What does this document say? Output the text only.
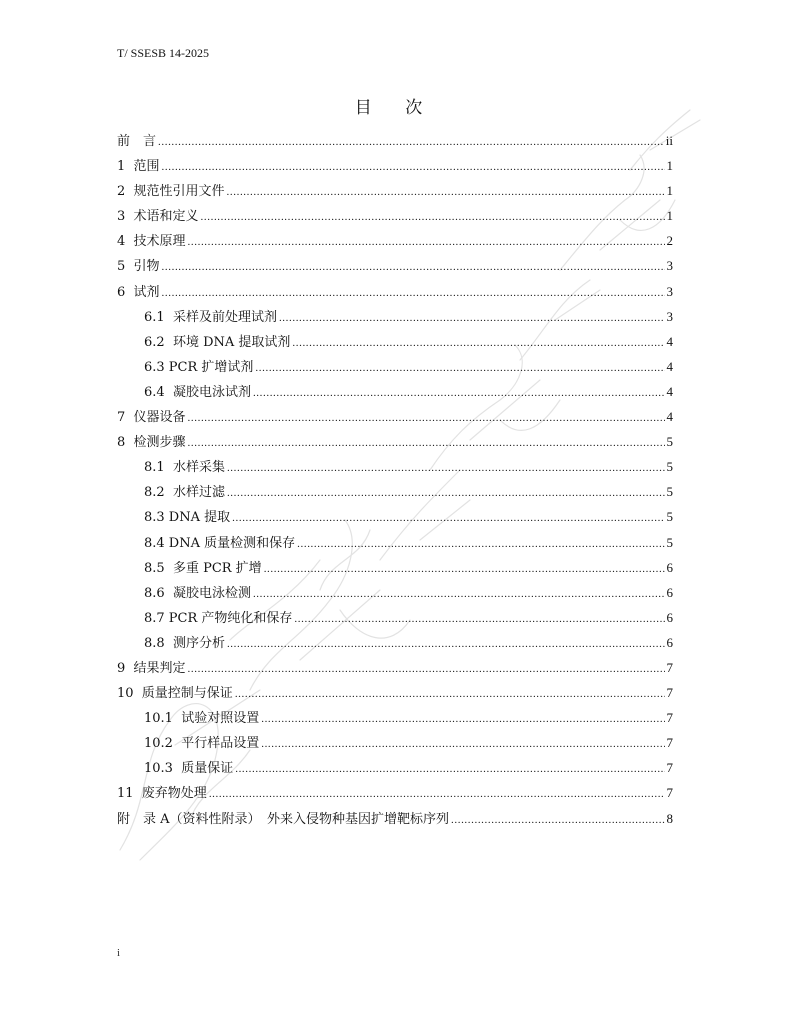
T/ SSESB 14-2025
目 次
前　言 .....	ii
1  范围 .....	1
2  规范性引用文件 .....	1
3  术语和定义 .....	1
4  技术原理 .....	2
5  引物 .....	3
6  试剂 .....	3
6.1  采样及前处理试剂 .....	3
6.2  环境 DNA 提取试剂 .....	4
6.3 PCR 扩增试剂 .....	4
6.4  凝胶电泳试剂 .....	4
7  仪器设备 .....	4
8  检测步骤 .....	5
8.1  水样采集 .....	5
8.2  水样过滤 .....	5
8.3 DNA 提取 .....	5
8.4 DNA 质量检测和保存 .....	5
8.5  多重 PCR 扩增 .....	6
8.6  凝胶电泳检测 .....	6
8.7 PCR 产物纯化和保存 .....	6
8.8  测序分析 .....	6
9  结果判定 .....	7
10  质量控制与保证 .....	7
10.1  试验对照设置 .....	7
10.2  平行样品设置 .....	7
10.3  质量保证 .....	7
11  废弃物处理 .....	7
附　录 A（资料性附录）　外来入侵物种基因扩增靶标序列 .....	8
i
